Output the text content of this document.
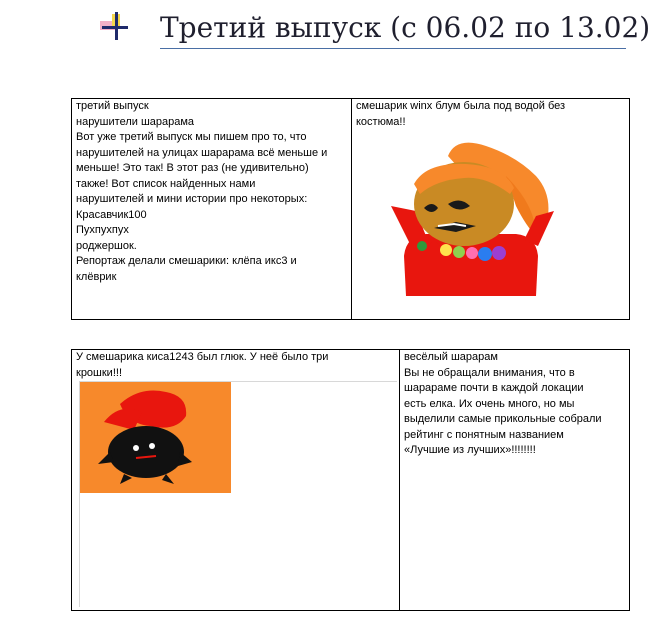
Третий выпуск (с 06.02 по 13.02)

третий выпуск

нарушители шарарама

Вот уже третий выпуск мы пишем про то, что

нарушителей на улицах шарарама всё меньше и

меньше! Это так! В этот раз (не удивительно)

также! Вот список найденных нами

нарушителей и мини истории про некоторых:

Красавчик100

Пухпухпух

роджершок.

Репортаж делали смешарики: клёпа икс3 и

клёврик

смешарик winx блум была под водой без

костюма!!

У смешарика киса1243 был глюк. У неё было три

крошки!!!

весёлый шарарам

Вы не обращали внимания, что в

шарараме почти в каждой локации

есть елка. Их очень много, но мы

выделили самые прикольные собрали

рейтинг с понятным названием

«Лучшие из лучших»!!!!!!!!
